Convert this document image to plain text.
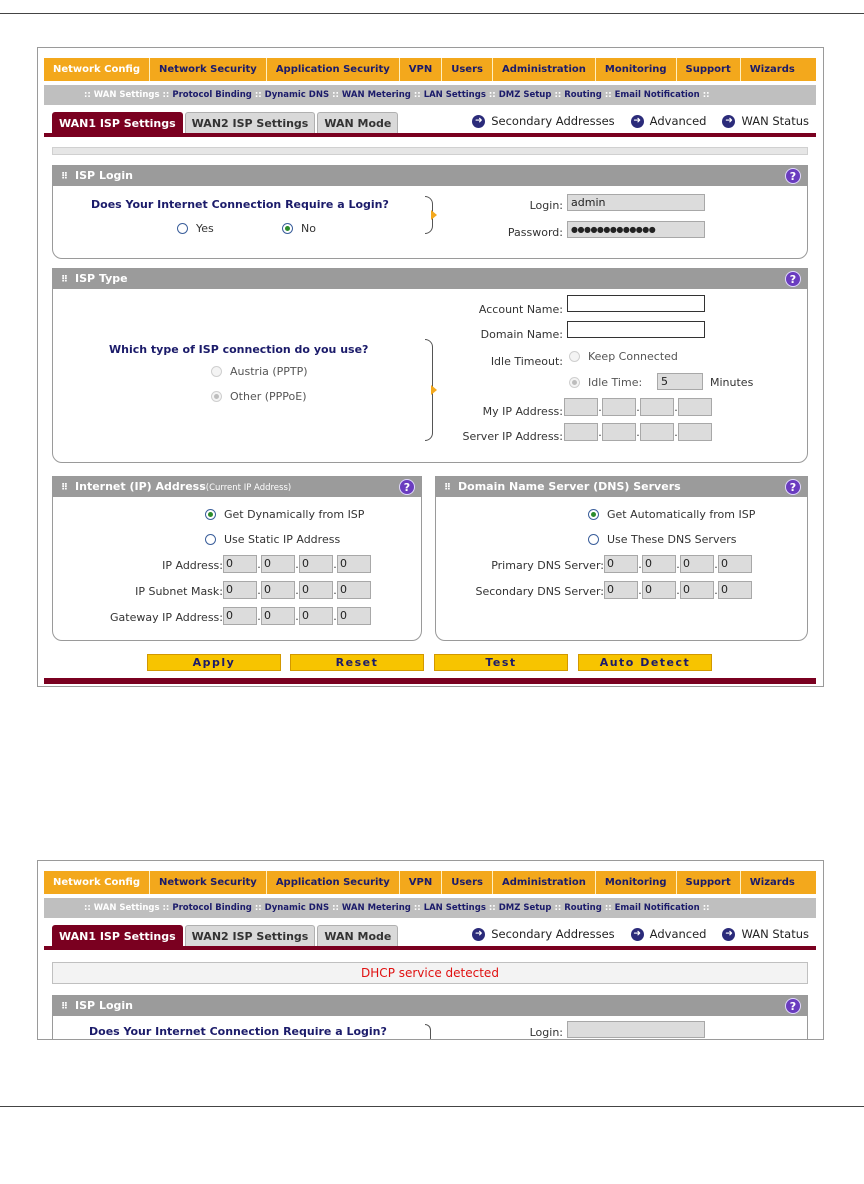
Network Config	Network Security	Application Security	VPN	Users	Administration	Monitoring	Support	Wizards
:: WAN Settings :: Protocol Binding :: Dynamic DNS :: WAN Metering :: LAN Settings :: DMZ Setup :: Routing :: Email Notification ::
WAN1 ISP Settings	WAN2 ISP Settings	WAN Mode	➜ Secondary Addresses	➜ Advanced	➜ WAN Status
⠿ ISP Login	?
Does Your Internet Connection Require a Login?
Yes	No
Login: admin
Password:	●●●●●●●●●●●●●
⠿ ISP Type	?
Which type of ISP connection do you use?
Austria (PPTP)
Other (PPPoE)
Account Name:
Domain Name:
Idle Timeout: Keep Connected
Idle Time:	5	Minutes
My IP Address:	.	.	.
Server IP Address:	.	.	.
⠿ Internet (IP) Address(Current IP Address)	?
Get Dynamically from ISP
Use Static IP Address
IP Address: 0	. 0	. 0	. 0
IP Subnet Mask: 0	. 0	. 0	. 0
Gateway IP Address: 0	. 0	. 0	. 0
⠿ Domain Name Server (DNS) Servers	?
Get Automatically from ISP
Use These DNS Servers
Primary DNS Server: 0	. 0	. 0	. 0
Secondary DNS Server: 0	. 0	. 0	. 0
Apply	Reset	Test	Auto Detect
Network Config	Network Security	Application Security	VPN	Users	Administration	Monitoring	Support	Wizards
:: WAN Settings :: Protocol Binding :: Dynamic DNS :: WAN Metering :: LAN Settings :: DMZ Setup :: Routing :: Email Notification ::
WAN1 ISP Settings	WAN2 ISP Settings	WAN Mode	➜ Secondary Addresses	➜ Advanced	➜ WAN Status
DHCP service detected
⠿ ISP Login	?
Does Your Internet Connection Require a Login?	Login:
